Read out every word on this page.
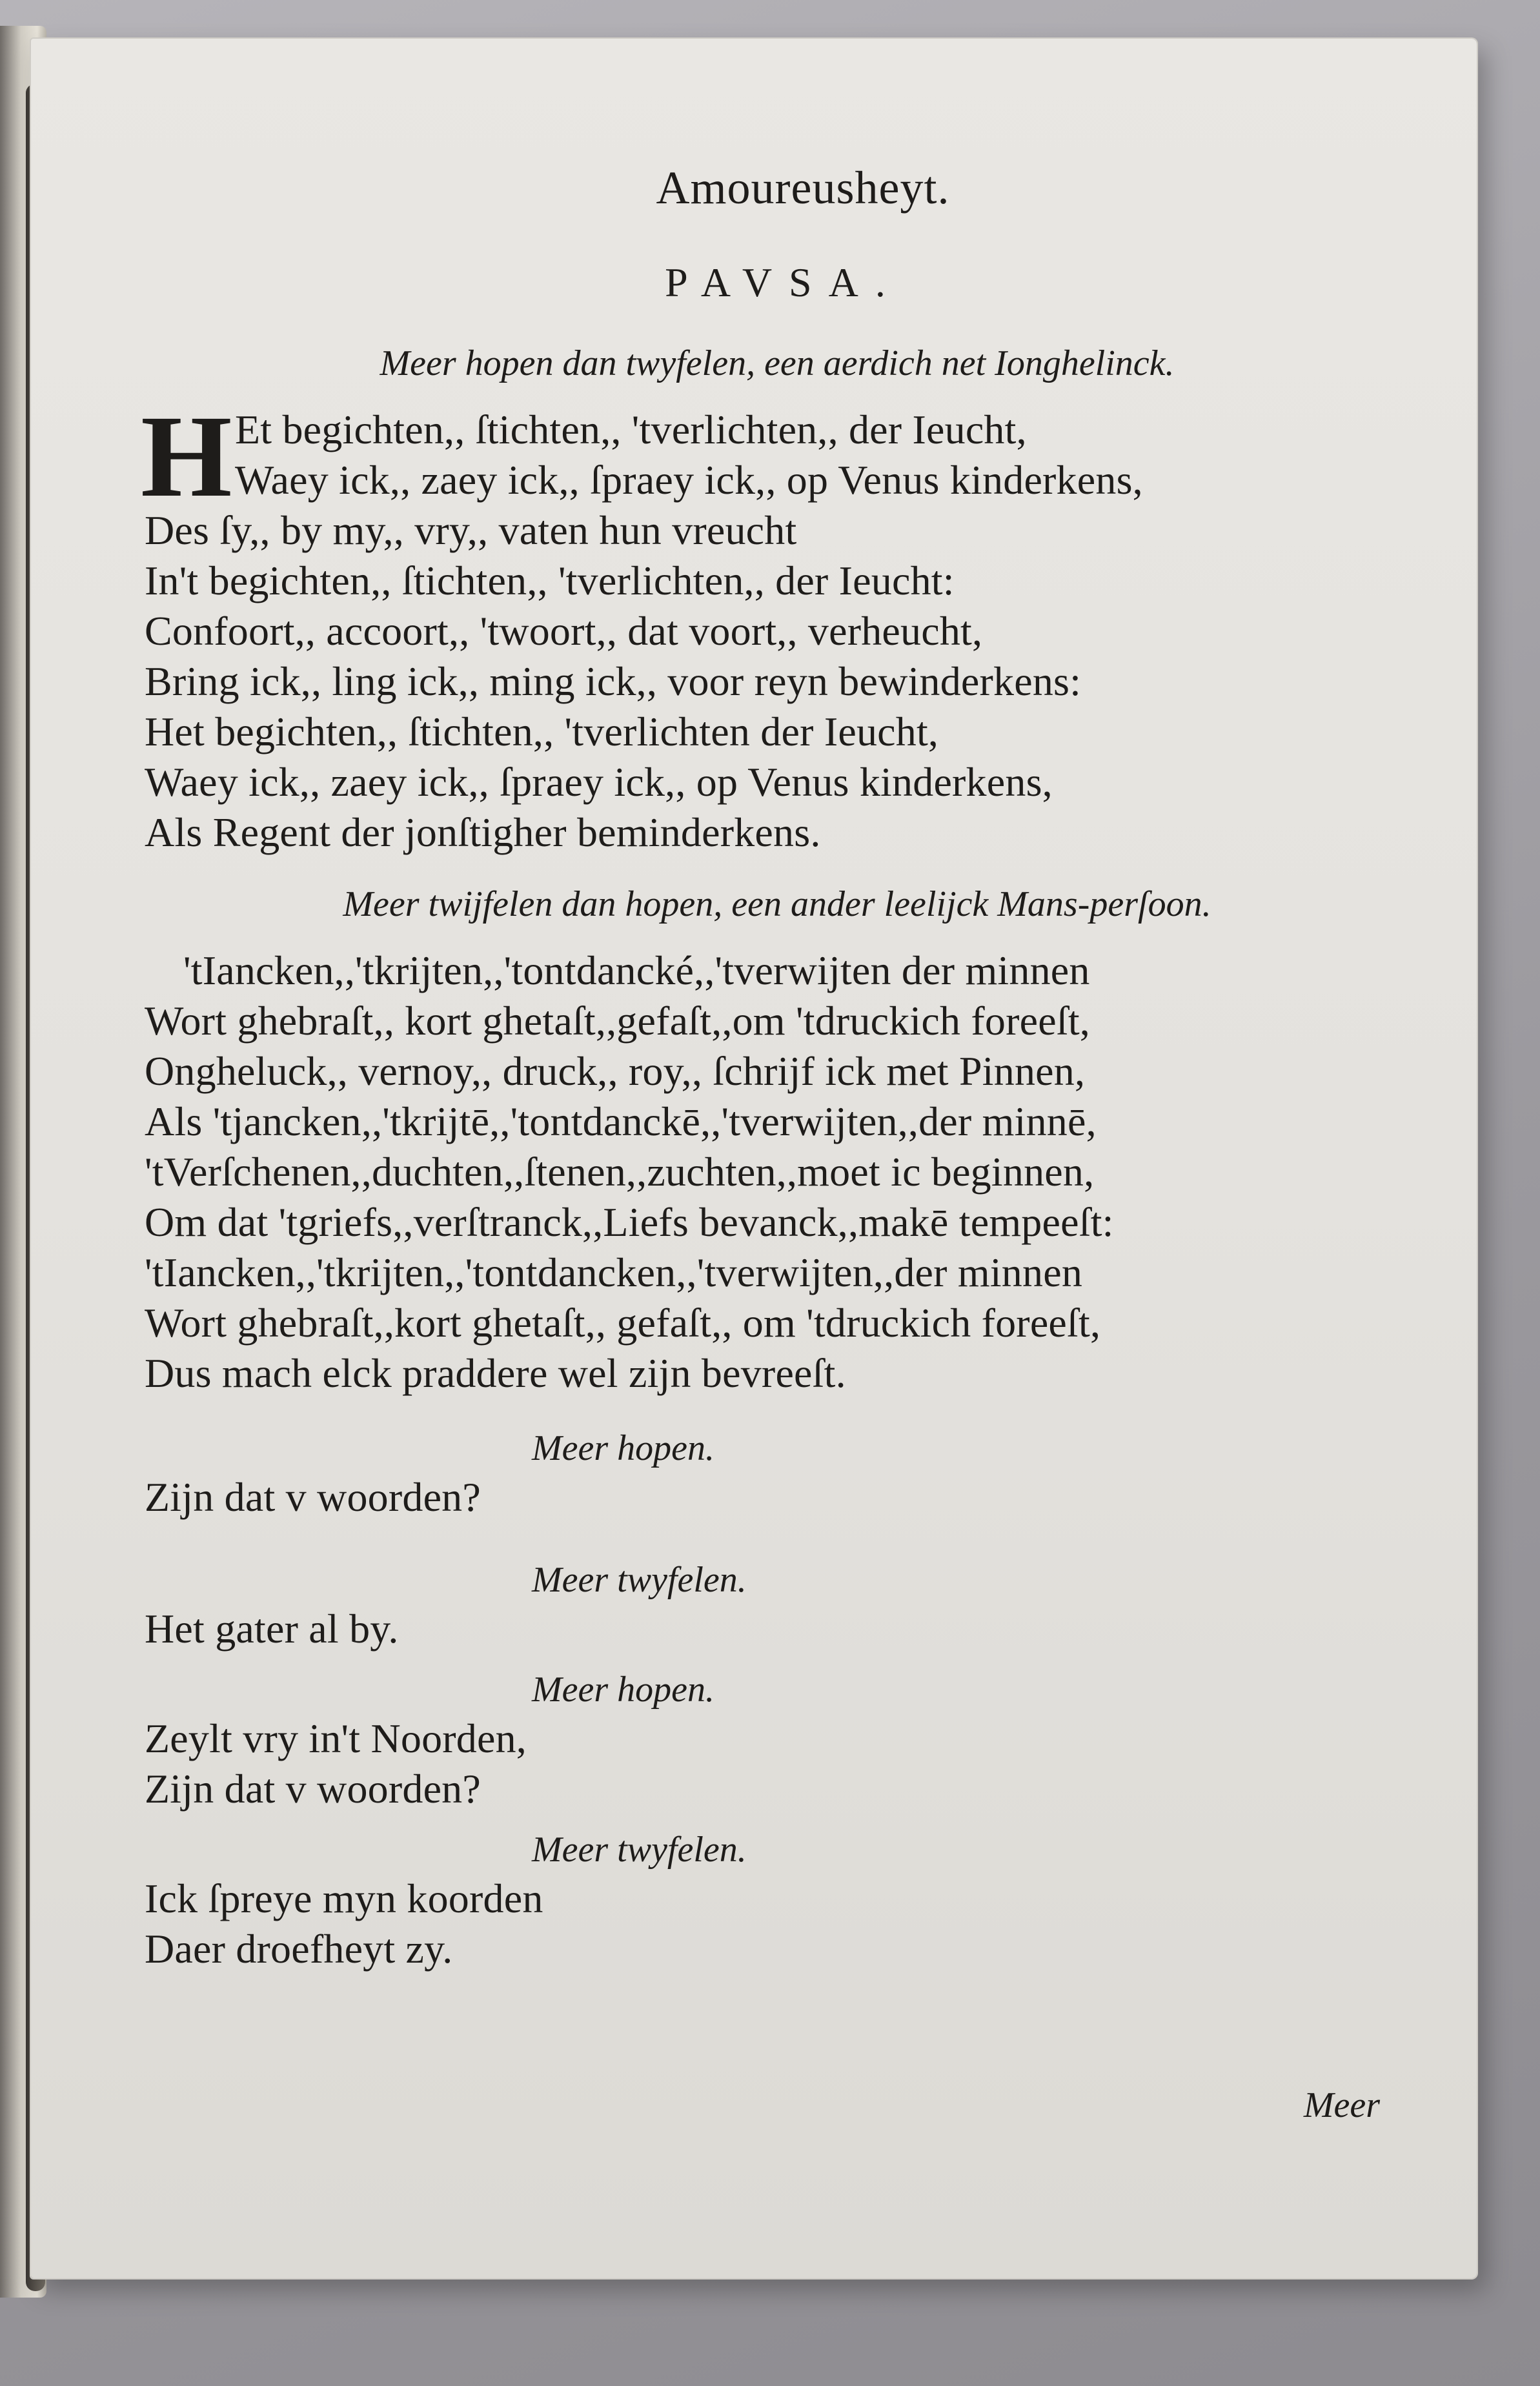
Amoureusheyt.
PAVSA.
Meer hopen dan twyfelen, een aerdich net Ionghelinck.
H Et begichten,, ſtichten,, 'tverlichten,, der Ieucht,
Waey ick,, zaey ick,, ſpraey ick,, op Venus kinderkens,
Des ſy,, by my,, vry,, vaten hun vreucht
In't begichten,, ſtichten,, 'tverlichten,, der Ieucht:
Confoort,, accoort,, 'twoort,, dat voort,, verheucht,
Bring ick,, ling ick,, ming ick,, voor reyn bewinderkens:
Het begichten,, ſtichten,, 'tverlichten der Ieucht,
Waey ick,, zaey ick,, ſpraey ick,, op Venus kinderkens,
Als Regent der jonſtigher beminderkens.
Meer twijfelen dan hopen, een ander leelijck Mans-perſoon.
'tIancken,,'tkrijten,,'tontdancké,,'tverwijten der minnen
Wort ghebraſt,, kort ghetaſt,,gefaſt,,om 'tdruckich foreeſt,
Ongheluck,, vernoy,, druck,, roy,, ſchrijf ick met Pinnen,
Als 'tjancken,,'tkrijtē,,'tontdanckē,,'tverwijten,,der minnē,
'tVerſchenen,,duchten,,ſtenen,,zuchten,,moet ic beginnen,
Om dat 'tgriefs,,verſtranck,,Liefs bevanck,,makē tempeeſt:
'tIancken,,'tkrijten,,'tontdancken,,'tverwijten,,der minnen
Wort ghebraſt,,kort ghetaſt,, gefaſt,, om 'tdruckich foreeſt,
Dus mach elck praddere wel zijn bevreeſt.
Meer hopen.
Zijn dat v woorden?
Meer twyfelen.
Het gater al by.
Meer hopen.
Zeylt vry in't Noorden,
Zijn dat v woorden?
Meer twyfelen.
Ick ſpreye myn koorden
Daer droefheyt zy.
Meer
